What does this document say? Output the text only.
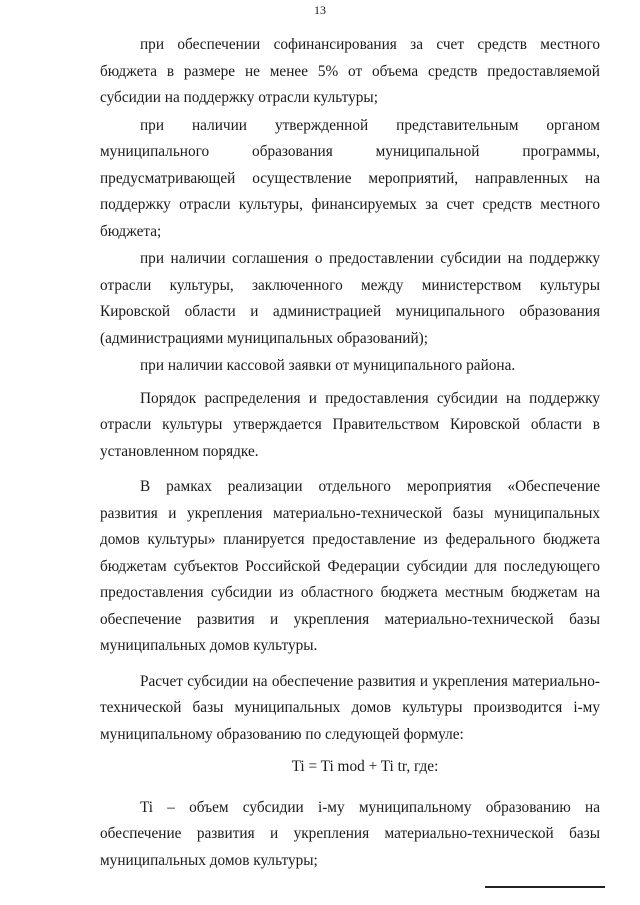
13

при обеспечении софинансирования за счет средств местного бюджета в размере не менее 5% от объема средств предоставляемой субсидии на поддержку отрасли культуры;

при наличии утвержденной представительным органом муниципального образования муниципальной программы, предусматривающей осуществление мероприятий, направленных на поддержку отрасли культуры, финансируемых за счет средств местного бюджета;

при наличии соглашения о предоставлении субсидии на поддержку отрасли культуры, заключенного между министерством культуры Кировской области и администрацией муниципального образования (администрациями муниципальных образований);

при наличии кассовой заявки от муниципального района.

Порядок распределения и предоставления субсидии на поддержку отрасли культуры утверждается Правительством Кировской области в установленном порядке.

В рамках реализации отдельного мероприятия «Обеспечение развития и укрепления материально-технической базы муниципальных домов культуры» планируется предоставление из федерального бюджета бюджетам субъектов Российской Федерации субсидии для последующего предоставления субсидии из областного бюджета местным бюджетам на обеспечение развития и укрепления материально-технической базы муниципальных домов культуры.

Расчет субсидии на обеспечение развития и укрепления материально-технической базы муниципальных домов культуры производится i-му муниципальному образованию по следующей формуле:

Ti = Ti mod + Ti tr, где:

Ti – объем субсидии i-му муниципальному образованию на обеспечение развития и укрепления материально-технической базы муниципальных домов культуры;
